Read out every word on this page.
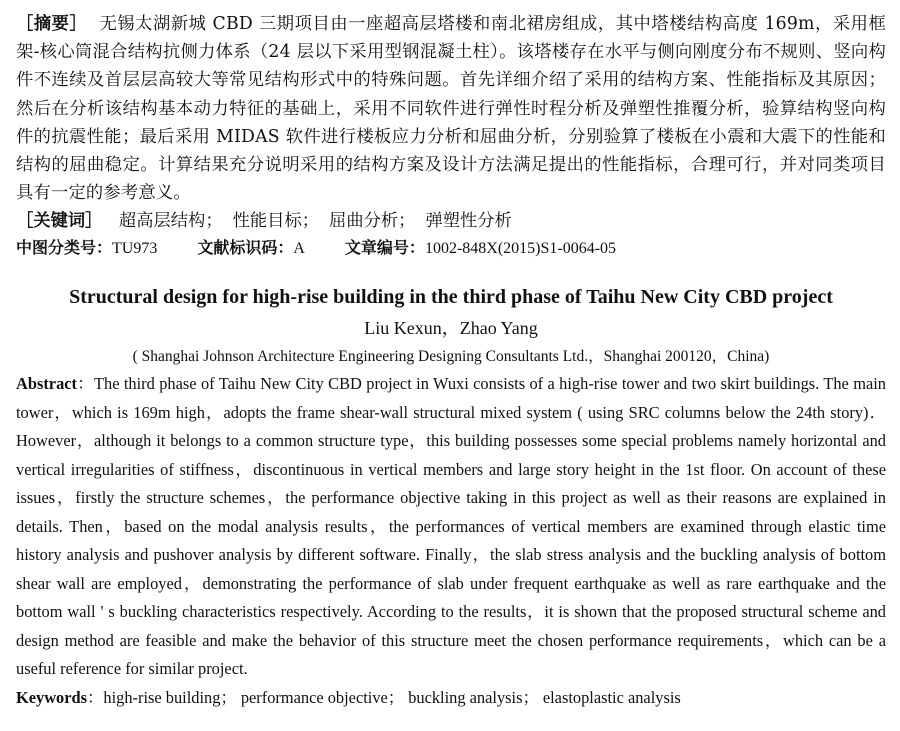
［摘要］ 无锡太湖新城 CBD 三期项目由一座超高层塔楼和南北裙房组成，其中塔楼结构高度 169m，采用框架-核心筒混合结构抗侧力体系（24 层以下采用型钢混凝土柱）。该塔楼存在水平与侧向刚度分布不规则、竖向构件不连续及首层层高较大等常见结构形式中的特殊问题。首先详细介绍了采用的结构方案、性能指标及其原因；然后在分析该结构基本动力特征的基础上，采用不同软件进行弹性时程分析及弹塑性推覆分析，验算结构竖向构件的抗震性能；最后采用 MIDAS 软件进行楼板应力分析和屈曲分析，分别验算了楼板在小震和大震下的性能和结构的屈曲稳定。计算结果充分说明采用的结构方案及设计方法满足提出的性能指标，合理可行，并对同类项目具有一定的参考意义。

［关键词］ 超高层结构； 性能目标； 屈曲分析； 弹塑性分析
中图分类号：TU973	文献标识码：A	文章编号：1002-848X(2015)S1-0064-05
Structural design for high-rise building in the third phase of Taihu New City CBD project
Liu Kexun，Zhao Yang
( Shanghai Johnson Architecture Engineering Designing Consultants Ltd.，Shanghai 200120，China)

Abstract：The third phase of Taihu New City CBD project in Wuxi consists of a high-rise tower and two skirt buildings. The main tower，which is 169m high，adopts the frame shear-wall structural mixed system ( using SRC columns below the 24th story)．However，although it belongs to a common structure type，this building possesses some special problems namely horizontal and vertical irregularities of stiffness，discontinuous in vertical members and large story height in the 1st floor. On account of these issues，firstly the structure schemes，the performance objective taking in this project as well as their reasons are explained in details. Then，based on the modal analysis results，the performances of vertical members are examined through elastic time history analysis and pushover analysis by different software. Finally，the slab stress analysis and the buckling analysis of bottom shear wall are employed，demonstrating the performance of slab under frequent earthquake as well as rare earthquake and the bottom wall ' s buckling characteristics respectively. According to the results，it is shown that the proposed structural scheme and design method are feasible and make the behavior of this structure meet the chosen performance requirements，which can be a useful reference for similar project.

Keywords：high-rise building； performance objective； buckling analysis； elastoplastic analysis
